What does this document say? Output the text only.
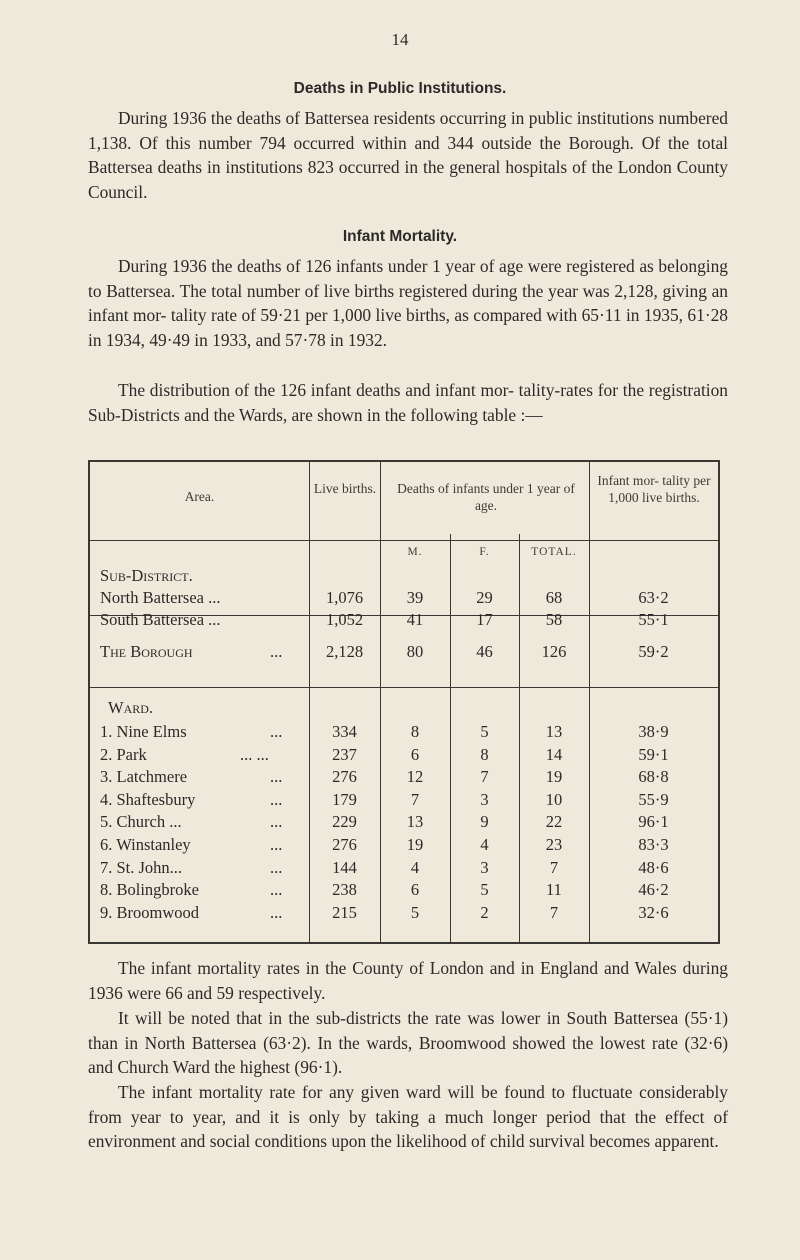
14
Deaths in Public Institutions.

During 1936 the deaths of Battersea residents occurring in public institutions numbered 1,138. Of this number 794 occurred within and 344 outside the Borough. Of the total Battersea deaths in institutions 823 occurred in the general hospitals of the London County Council.

Infant Mortality.

During 1936 the deaths of 126 infants under 1 year of age were registered as belonging to Battersea. The total number of live births registered during the year was 2,128, giving an infant mor- tality rate of 59·21 per 1,000 live births, as compared with 65·11 in 1935, 61·28 in 1934, 49·49 in 1933, and 57·78 in 1932.

The distribution of the 126 infant deaths and infant mor- tality-rates for the registration Sub-Districts and the Wards, are shown in the following table :—

Area.
Live births.	Deaths of infants under 1 year of age.
Infant mor- tality per 1,000 live births.
M.	F.	TOTAL.
Sub-District.
North Battersea ...	1,076	39	29	68	63·2
South Battersea ...	1,052	41	17	58	55·1
The Borough	...	2,128	80	46	126	59·2
Ward.
1. Nine Elms	...	334	8	5	13	38·9
2. Park	... ...	237	6	8	14	59·1
3. Latchmere	...	276	12	7	19	68·8
4. Shaftesbury	...	179	7	3	10	55·9
5. Church ...	...	229	13	9	22	96·1
6. Winstanley	...	276	19	4	23	83·3
7. St. John...	...	144	4	3	7	48·6
8. Bolingbroke	...	238	6	5	11	46·2
9. Broomwood	...	215	5	2	7	32·6

The infant mortality rates in the County of London and in England and Wales during 1936 were 66 and 59 respectively.

It will be noted that in the sub-districts the rate was lower in South Battersea (55·1) than in North Battersea (63·2). In the wards, Broomwood showed the lowest rate (32·6) and Church Ward the highest (96·1).

The infant mortality rate for any given ward will be found to fluctuate considerably from year to year, and it is only by taking a much longer period that the effect of environment and social conditions upon the likelihood of child survival becomes apparent.
